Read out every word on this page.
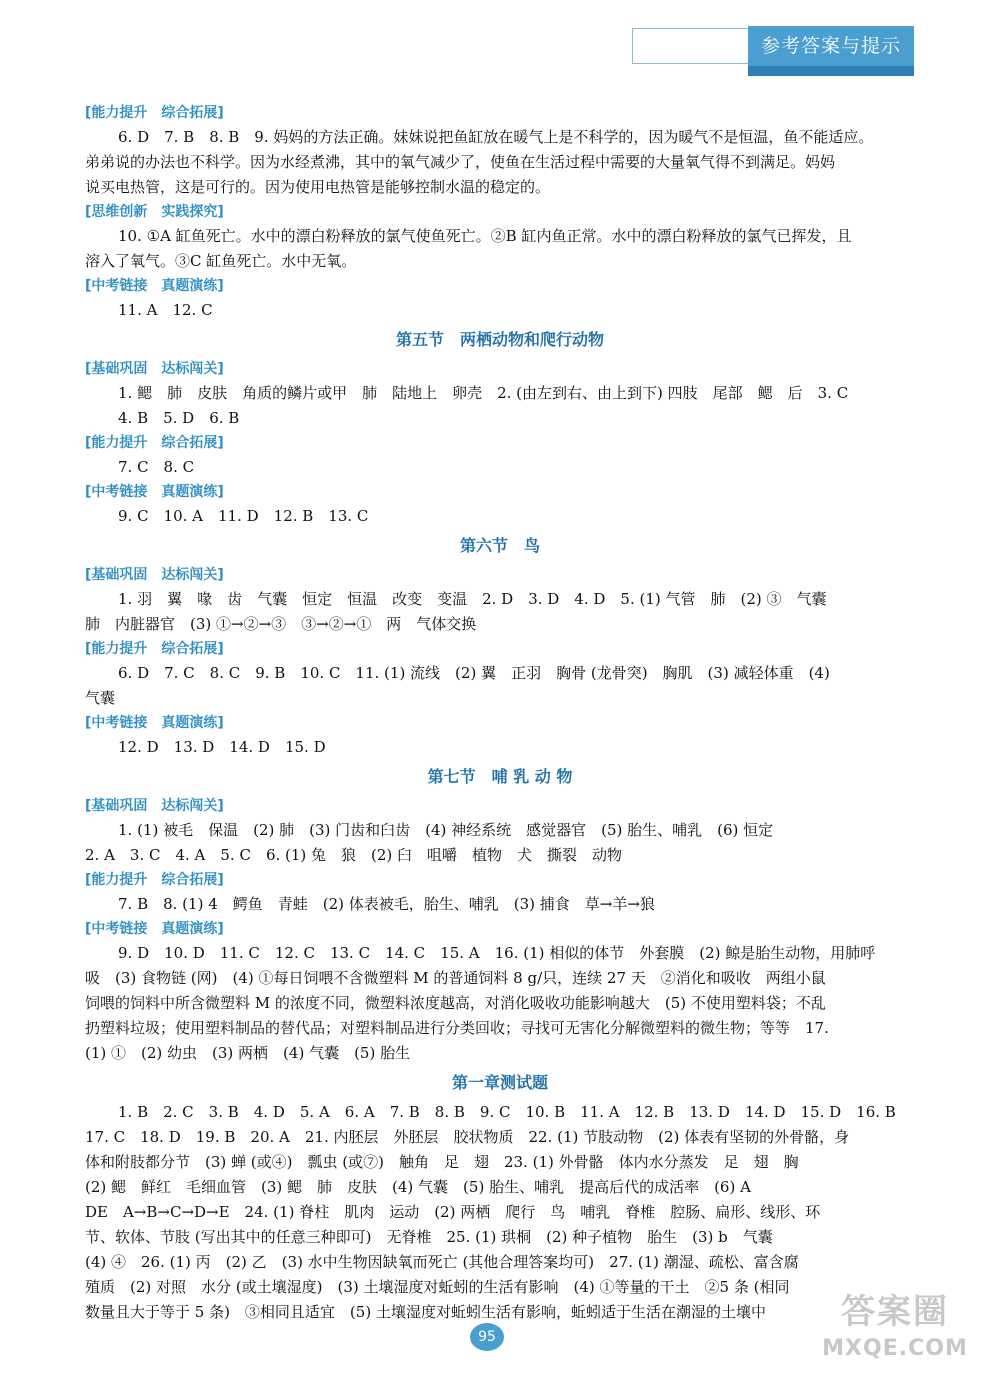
参考答案与提示
[能力提升　综合拓展]
6. D　7. B　8. B　9. 妈妈的方法正确。妹妹说把鱼缸放在暖气上是不科学的，因为暖气不是恒温，鱼不能适应。
弟弟说的办法也不科学。因为水经煮沸，其中的氧气减少了，使鱼在生活过程中需要的大量氧气得不到满足。妈妈
说买电热管，这是可行的。因为使用电热管是能够控制水温的稳定的。
[思维创新　实践探究]
10. ①A 缸鱼死亡。水中的漂白粉释放的氯气使鱼死亡。②B 缸内鱼正常。水中的漂白粉释放的氯气已挥发，且
溶入了氧气。③C 缸鱼死亡。水中无氧。
[中考链接　真题演练]
11. A　12. C
第五节　两栖动物和爬行动物
[基础巩固　达标闯关]
1. 鳃　肺　皮肤　角质的鳞片或甲　肺　陆地上　卵壳　2. (由左到右、由上到下) 四肢　尾部　鳃　后　3. C
4. B　5. D　6. B
[能力提升　综合拓展]
7. C　8. C
[中考链接　真题演练]
9. C　10. A　11. D　12. B　13. C
第六节　鸟
[基础巩固　达标闯关]
1. 羽　翼　喙　齿　气囊　恒定　恒温　改变　变温　2. D　3. D　4. D　5. (1) 气管　肺　(2) ③　气囊
肺　内脏器官　(3) ①→②→③　③→②→①　两　气体交换
[能力提升　综合拓展]
6. D　7. C　8. C　9. B　10. C　11. (1) 流线　(2) 翼　正羽　胸骨 (龙骨突)　胸肌　(3) 减轻体重　(4)
气囊
[中考链接　真题演练]
12. D　13. D　14. D　15. D
第七节　哺 乳 动 物
[基础巩固　达标闯关]
1. (1) 被毛　保温　(2) 肺　(3) 门齿和臼齿　(4) 神经系统　感觉器官　(5) 胎生、哺乳　(6) 恒定
2. A　3. C　4. A　5. C　6. (1) 兔　狼　(2) 臼　咀嚼　植物　犬　撕裂　动物
[能力提升　综合拓展]
7. B　8. (1) 4　鳄鱼　青蛙　(2) 体表被毛，胎生、哺乳　(3) 捕食　草→羊→狼
[中考链接　真题演练]
9. D　10. D　11. C　12. C　13. C　14. C　15. A　16. (1) 相似的体节　外套膜　(2) 鲸是胎生动物，用肺呼
吸　(3) 食物链 (网)　(4) ①每日饲喂不含微塑料 M 的普通饲料 8 g/只，连续 27 天　②消化和吸收　两组小鼠
饲喂的饲料中所含微塑料 M 的浓度不同，微塑料浓度越高，对消化吸收功能影响越大　(5) 不使用塑料袋；不乱
扔塑料垃圾；使用塑料制品的替代品；对塑料制品进行分类回收；寻找可无害化分解微塑料的微生物；等等　17.
(1) ①　(2) 幼虫　(3) 两栖　(4) 气囊　(5) 胎生
第一章测试题
1. B　2. C　3. B　4. D　5. A　6. A　7. B　8. B　9. C　10. B　11. A　12. B　13. D　14. D　15. D　16. B
17. C　18. D　19. B　20. A　21. 内胚层　外胚层　胶状物质　22. (1) 节肢动物　(2) 体表有坚韧的外骨骼，身
体和附肢都分节　(3) 蝉 (或④)　瓢虫 (或⑦)　触角　足　翅　23. (1) 外骨骼　体内水分蒸发　足　翅　胸
(2) 鳃　鲜红　毛细血管　(3) 鳃　肺　皮肤　(4) 气囊　(5) 胎生、哺乳　提高后代的成活率　(6) A
DE　A→B→C→D→E　24. (1) 脊柱　肌肉　运动　(2) 两栖　爬行　鸟　哺乳　脊椎　腔肠、扁形、线形、环
节、软体、节肢 (写出其中的任意三种即可)　无脊椎　25. (1) 珙桐　(2) 种子植物　胎生　(3) b　气囊
(4) ④　26. (1) 丙　(2) 乙　(3) 水中生物因缺氧而死亡 (其他合理答案均可)　27. (1) 潮湿、疏松、富含腐
殖质　(2) 对照　水分 (或土壤湿度)　(3) 土壤湿度对蚯蚓的生活有影响　(4) ①等量的干土　②5 条 (相同
数量且大于等于 5 条)　③相同且适宜　(5) 土壤湿度对蚯蚓生活有影响，蚯蚓适于生活在潮湿的土壤中
95
答案圈
MXQE.COM
